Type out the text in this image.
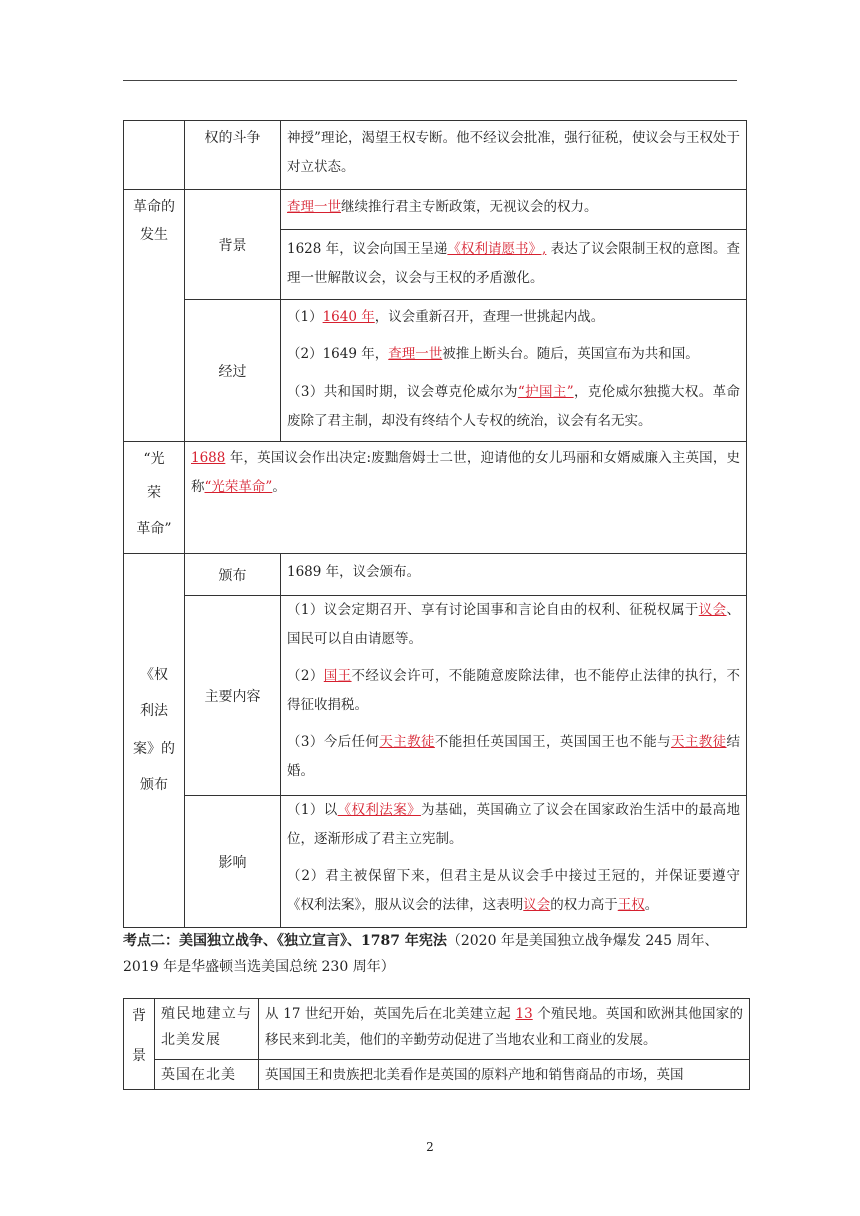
权的斗争 神授”理论，渴望王权专断。他不经议会批准，强行征税，使议会与王权处于对立状态。
革命的发生
背景
查理一世继续推行君主专断政策，无视议会的权力。
1628 年，议会向国王呈递《权利请愿书》, 表达了议会限制王权的意图。查理一世解散议会，议会与王权的矛盾激化。
经过
（1）1640 年，议会重新召开，查理一世挑起内战。
（2）1649 年，查理一世被推上断头台。随后，英国宣布为共和国。
（3）共和国时期，议会尊克伦威尔为“护国主”，克伦威尔独揽大权。革命废除了君主制，却没有终结个人专权的统治，议会有名无实。
“光
荣
革命”
1688 年，英国议会作出决定:废黜詹姆士二世，迎请他的女儿玛丽和女婿威廉入主英国，史称“光荣革命”。
《权
利法
案》的
颁布
颁布	1689 年，议会颁布。
主要内容
（1）议会定期召开、享有讨论国事和言论自由的权利、征税权属于议会、国民可以自由请愿等。
（2）国王不经议会许可，不能随意废除法律，也不能停止法律的执行，不得征收捐税。
（3）今后任何天主教徒不能担任英国国王，英国国王也不能与天主教徒结婚。
影响
（1）以《权利法案》为基础，英国确立了议会在国家政治生活中的最高地位，逐渐形成了君主立宪制。
（2）君主被保留下来，但君主是从议会手中接过王冠的，并保证要遵守《权利法案》，服从议会的法律，这表明议会的权力高于王权。
考点二：美国独立战争、《独立宣言》、1787 年宪法（2020 年是美国独立战争爆发 245 周年、2019 年是华盛顿当选美国总统 230 周年）
背
景
殖民地建立与北美发展
从 17 世纪开始，英国先后在北美建立起 13 个殖民地。英国和欧洲其他国家的移民来到北美，他们的辛勤劳动促进了当地农业和工商业的发展。
英国在北美	英国国王和贵族把北美看作是英国的原料产地和销售商品的市场，英国
2
